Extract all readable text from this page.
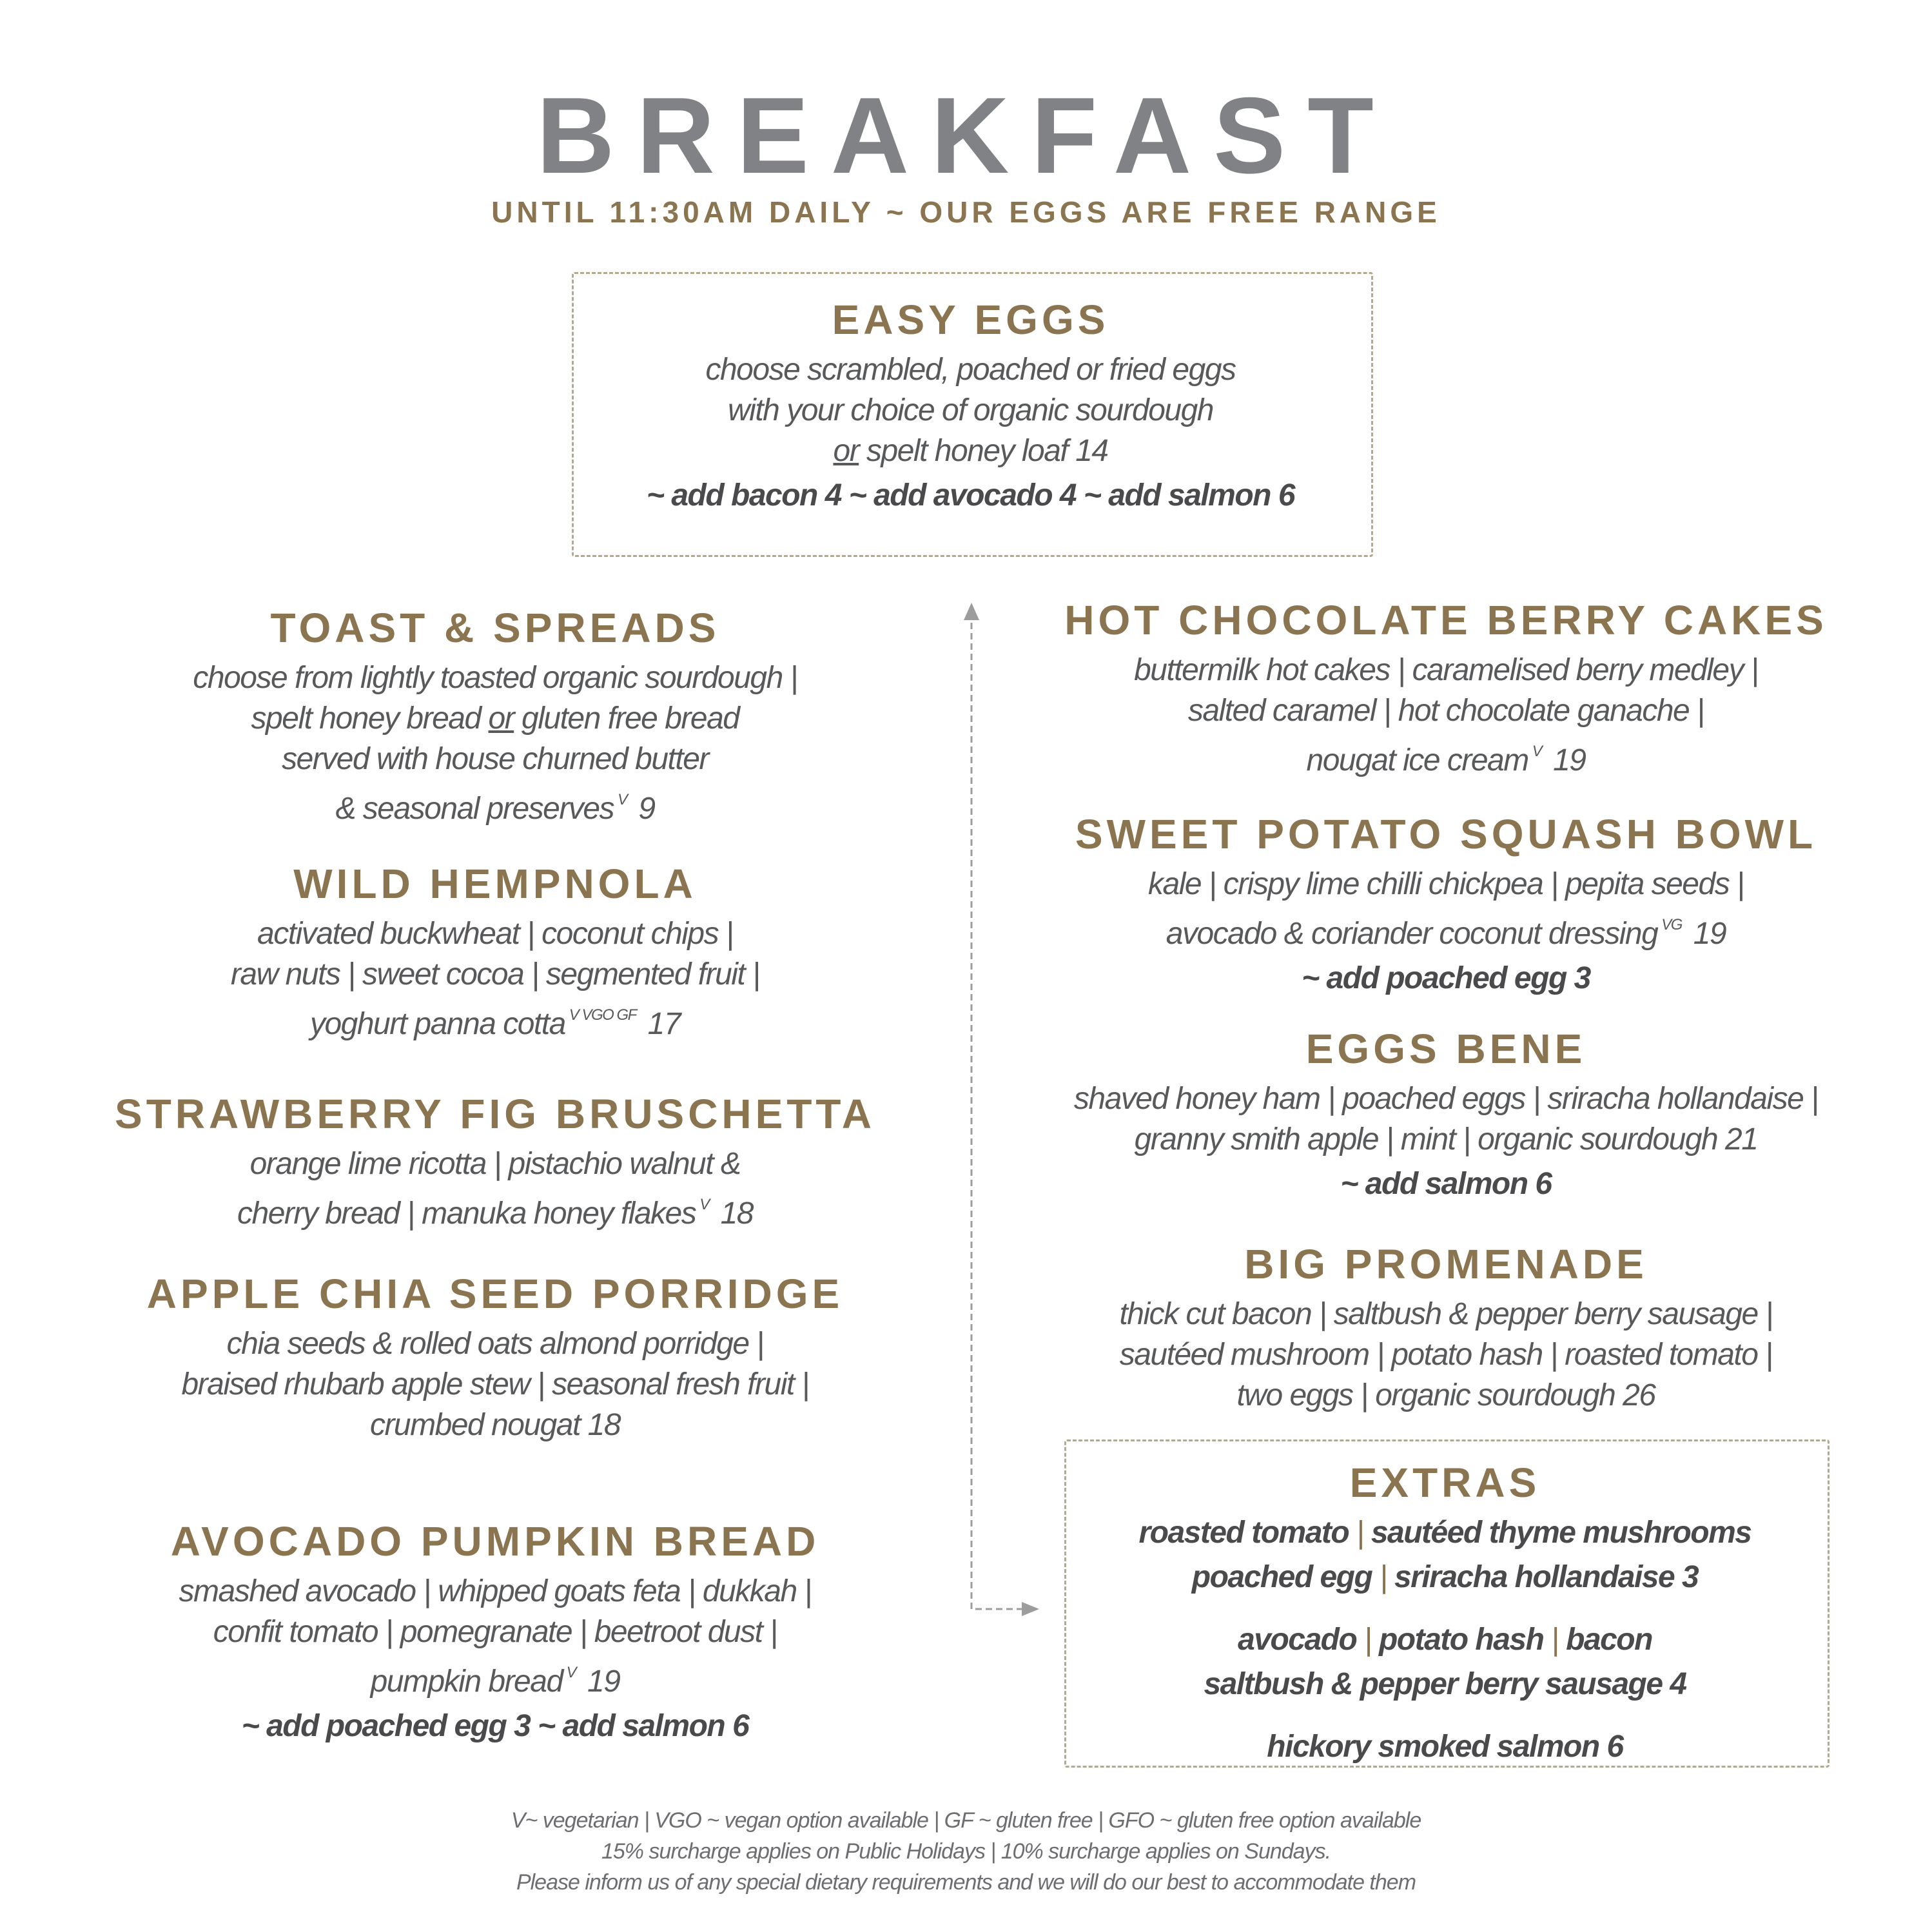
BREAKFAST
UNTIL 11:30AM DAILY ~ OUR EGGS ARE FREE RANGE
EASY EGGS
choose scrambled, poached or fried eggs
with your choice of organic sourdough
or spelt honey loaf 14
~ add bacon 4 ~ add avocado 4 ~ add salmon 6
TOAST & SPREADS
choose from lightly toasted organic sourdough |
spelt honey bread or gluten free bread
served with house churned butter
& seasonal preserves $^V$ 9
WILD HEMPNOLA
activated buckwheat | coconut chips |
raw nuts | sweet cocoa | segmented fruit |
yoghurt panna cotta $^{V VGO GF}$ 17
STRAWBERRY FIG BRUSCHETTA
orange lime ricotta | pistachio walnut &
cherry bread | manuka honey flakes $^V$ 18
APPLE CHIA SEED PORRIDGE
chia seeds & rolled oats almond porridge |
braised rhubarb apple stew | seasonal fresh fruit |
crumbed nougat 18
AVOCADO PUMPKIN BREAD
smashed avocado | whipped goats feta | dukkah |
confit tomato | pomegranate | beetroot dust |
pumpkin bread $^V$ 19
~ add poached egg 3 ~ add salmon 6
HOT CHOCOLATE BERRY CAKES
buttermilk hot cakes | caramelised berry medley |
salted caramel | hot chocolate ganache |
nougat ice cream $^V$ 19
SWEET POTATO SQUASH BOWL
kale | crispy lime chilli chickpea | pepita seeds |
avocado & coriander coconut dressing $^{VG}$ 19
~ add poached egg 3
EGGS BENE
shaved honey ham | poached eggs | sriracha hollandaise |
granny smith apple | mint | organic sourdough 21
~ add salmon 6
BIG PROMENADE
thick cut bacon | saltbush & pepper berry sausage |
sautéed mushroom | potato hash | roasted tomato |
two eggs | organic sourdough 26
EXTRAS
roasted tomato | sautéed thyme mushrooms
poached egg | sriracha hollandaise 3
avocado | potato hash | bacon
saltbush & pepper berry sausage 4
hickory smoked salmon 6
V~ vegetarian | VGO ~ vegan option available | GF ~ gluten free | GFO ~ gluten free option available
15% surcharge applies on Public Holidays | 10% surcharge applies on Sundays.
Please inform us of any special dietary requirements and we will do our best to accommodate them
